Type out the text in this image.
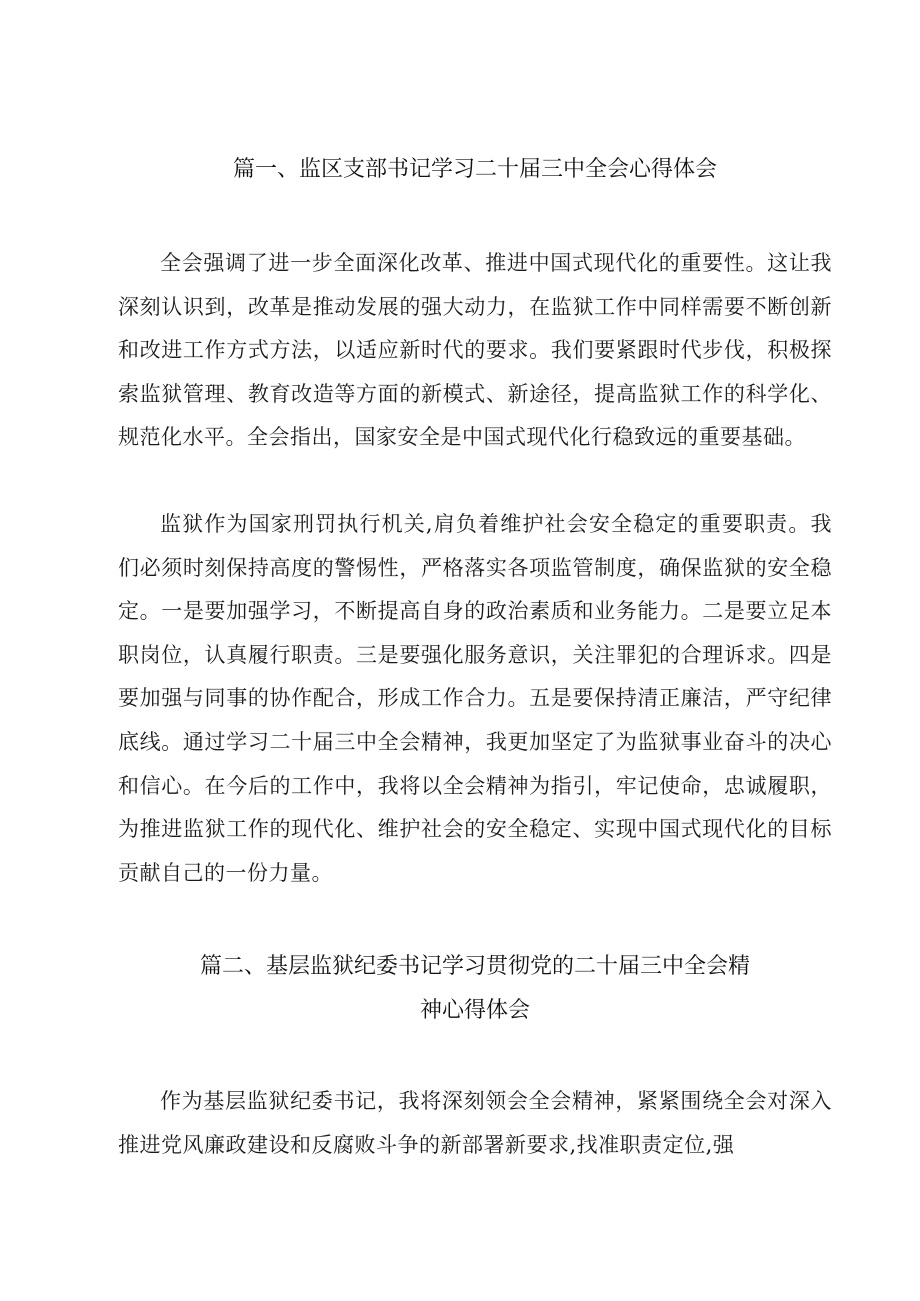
篇一、监区支部书记学习二十届三中全会心得体会

全会强调了进一步全面深化改革、推进中国式现代化的重要性。这让我深刻认识到，改革是推动发展的强大动力，在监狱工作中同样需要不断创新和改进工作方式方法，以适应新时代的要求。我们要紧跟时代步伐，积极探索监狱管理、教育改造等方面的新模式、新途径，提高监狱工作的科学化、规范化水平。全会指出，国家安全是中国式现代化行稳致远的重要基础。

监狱作为国家刑罚执行机关,肩负着维护社会安全稳定的重要职责。我们必须时刻保持高度的警惕性，严格落实各项监管制度，确保监狱的安全稳定。一是要加强学习，不断提高自身的政治素质和业务能力。二是要立足本职岗位，认真履行职责。三是要强化服务意识，关注罪犯的合理诉求。四是要加强与同事的协作配合，形成工作合力。五是要保持清正廉洁，严守纪律底线。通过学习二十届三中全会精神，我更加坚定了为监狱事业奋斗的决心和信心。在今后的工作中，我将以全会精神为指引，牢记使命，忠诚履职，为推进监狱工作的现代化、维护社会的安全稳定、实现中国式现代化的目标贡献自己的一份力量。

篇二、基层监狱纪委书记学习贯彻党的二十届三中全会精
神心得体会

作为基层监狱纪委书记，我将深刻领会全会精神，紧紧围绕全会对深入推进党风廉政建设和反腐败斗争的新部署新要求,找准职责定位,强
